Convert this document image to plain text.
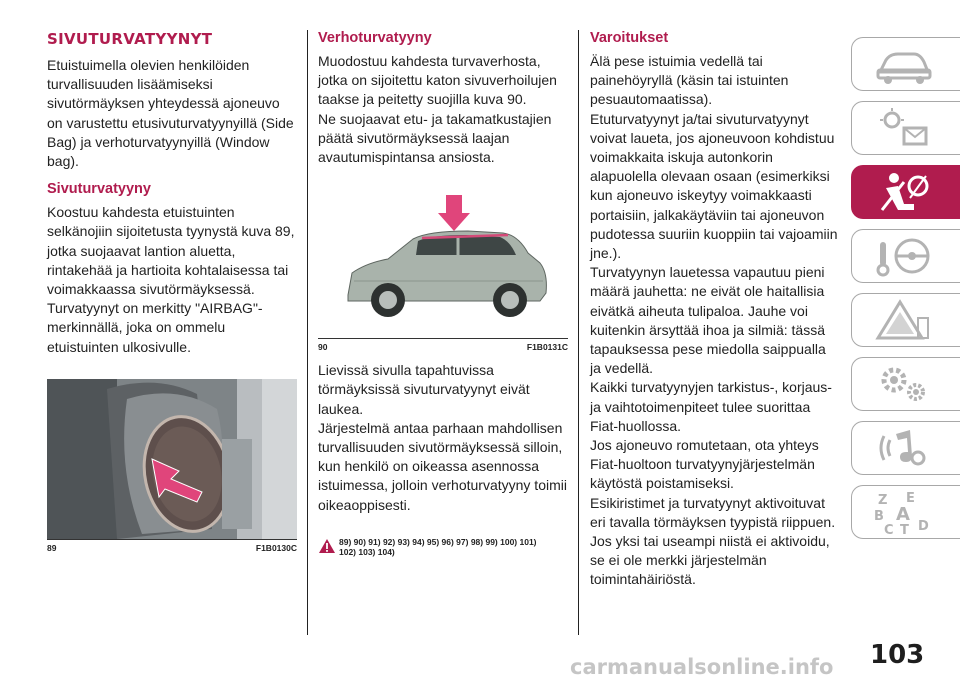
SIVUTURVATYYNYT

Etuistuimella olevien henkilöiden
turvallisuuden lisäämiseksi
sivutörmäyksen yhteydessä ajoneuvo
on varustettu etusivuturvatyynyillä (Side
Bag) ja verhoturvatyynyillä (Window
bag).

Sivuturvatyyny

Koostuu kahdesta etuistuinten
selkänojiin sijoitetusta tyynystä kuva 89,
jotka suojaavat lantion aluetta,
rintakehää ja hartioita kohtalaisessa tai
voimakkaassa sivutörmäyksessä.
Turvatyynyt on merkitty "AIRBAG"-
merkinnällä, joka on ommelu
etuistuinten ulkosivulle.

89	F1B0130C
Verhoturvatyyny

Muodostuu kahdesta turvaverhosta,
jotka on sijoitettu katon sivuverhoilujen
taakse ja peitetty suojilla kuva 90.
Ne suojaavat etu- ja takamatkustajien
päätä sivutörmäyksessä laajan
avautumispintansa ansiosta.

90	F1B0131C

Lievissä sivulla tapahtuvissa
törmäyksissä sivuturvatyynyt eivät
laukea.
Järjestelmä antaa parhaan mahdollisen
turvallisuuden sivutörmäyksessä silloin,
kun henkilö on oikeassa asennossa
istuimessa, jolloin verhoturvatyyny toimii
oikeaoppisesti.

89) 90) 91) 92) 93) 94) 95) 96) 97) 98) 99) 100) 101)
102) 103) 104)
Varoitukset

Älä pese istuimia vedellä tai
painehöyryllä (käsin tai istuinten
pesuautomaatissa).
Etuturvatyynyt ja/tai sivuturvatyynyt
voivat laueta, jos ajoneuvoon kohdistuu
voimakkaita iskuja autonkorin
alapuolella olevaan osaan (esimerkiksi
kun ajoneuvo iskeytyy voimakkaasti
portaisiin, jalkakäytäviin tai ajoneuvon
pudotessa suuriin kuoppiin tai vajoamiin
jne.).
Turvatyynyn lauetessa vapautuu pieni
määrä jauhetta: ne eivät ole haitallisia
eivätkä aiheuta tulipaloa. Jauhe voi
kuitenkin ärsyttää ihoa ja silmiä: tässä
tapauksessa pese miedolla saippualla
ja vedellä.
Kaikki turvatyynyjen tarkistus-, korjaus-
ja vaihtotoimenpiteet tulee suorittaa
Fiat-huollossa.
Jos ajoneuvo romutetaan, ota yhteys
Fiat-huoltoon turvatyynyjärjestelmän
käytöstä poistamiseksi.
Esikiristimet ja turvatyynyt aktivoituvat
eri tavalla törmäyksen tyypistä riippuen.
Jos yksi tai useampi niistä ei aktivoidu,
se ei ole merkki järjestelmän
toimintahäiriöstä.

Z E
B A
C T D
carmanualsonline.info 103
